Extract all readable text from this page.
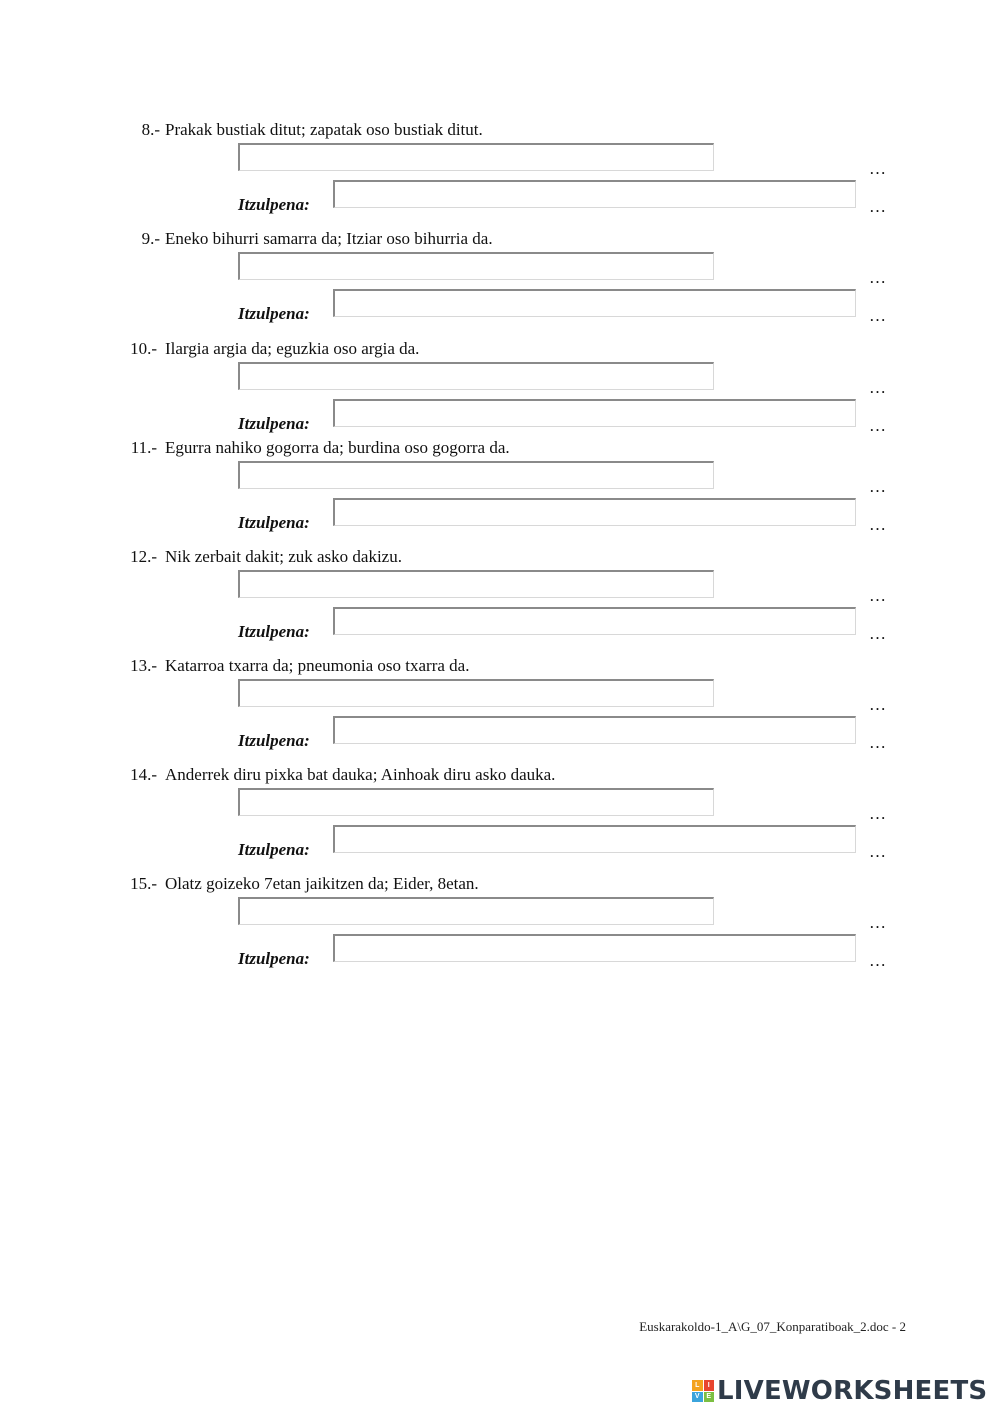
8.- Prakak bustiak ditut; zapatak oso bustiak ditut.
…
Itzulpena:	…
9.- Eneko bihurri samarra da; Itziar oso bihurria da.
…
Itzulpena:	…
10.- Ilargia argia da; eguzkia oso argia da.
…
Itzulpena:	…
11.- Egurra nahiko gogorra da; burdina oso gogorra da.
…
Itzulpena:	…
12.- Nik zerbait dakit; zuk asko dakizu.
…
Itzulpena:	…
13.- Katarroa txarra da; pneumonia oso txarra da.
…
Itzulpena:	…
14.- Anderrek diru pixka bat dauka; Ainhoak diru asko dauka.
…
Itzulpena:	…
15.- Olatz goizeko 7etan jaikitzen da; Eider, 8etan.
…
Itzulpena:	…
Euskarakoldo-1_A\G_07_Konparatiboak_2.doc - 2
L	I
V E LIVEWORKSHEETS
